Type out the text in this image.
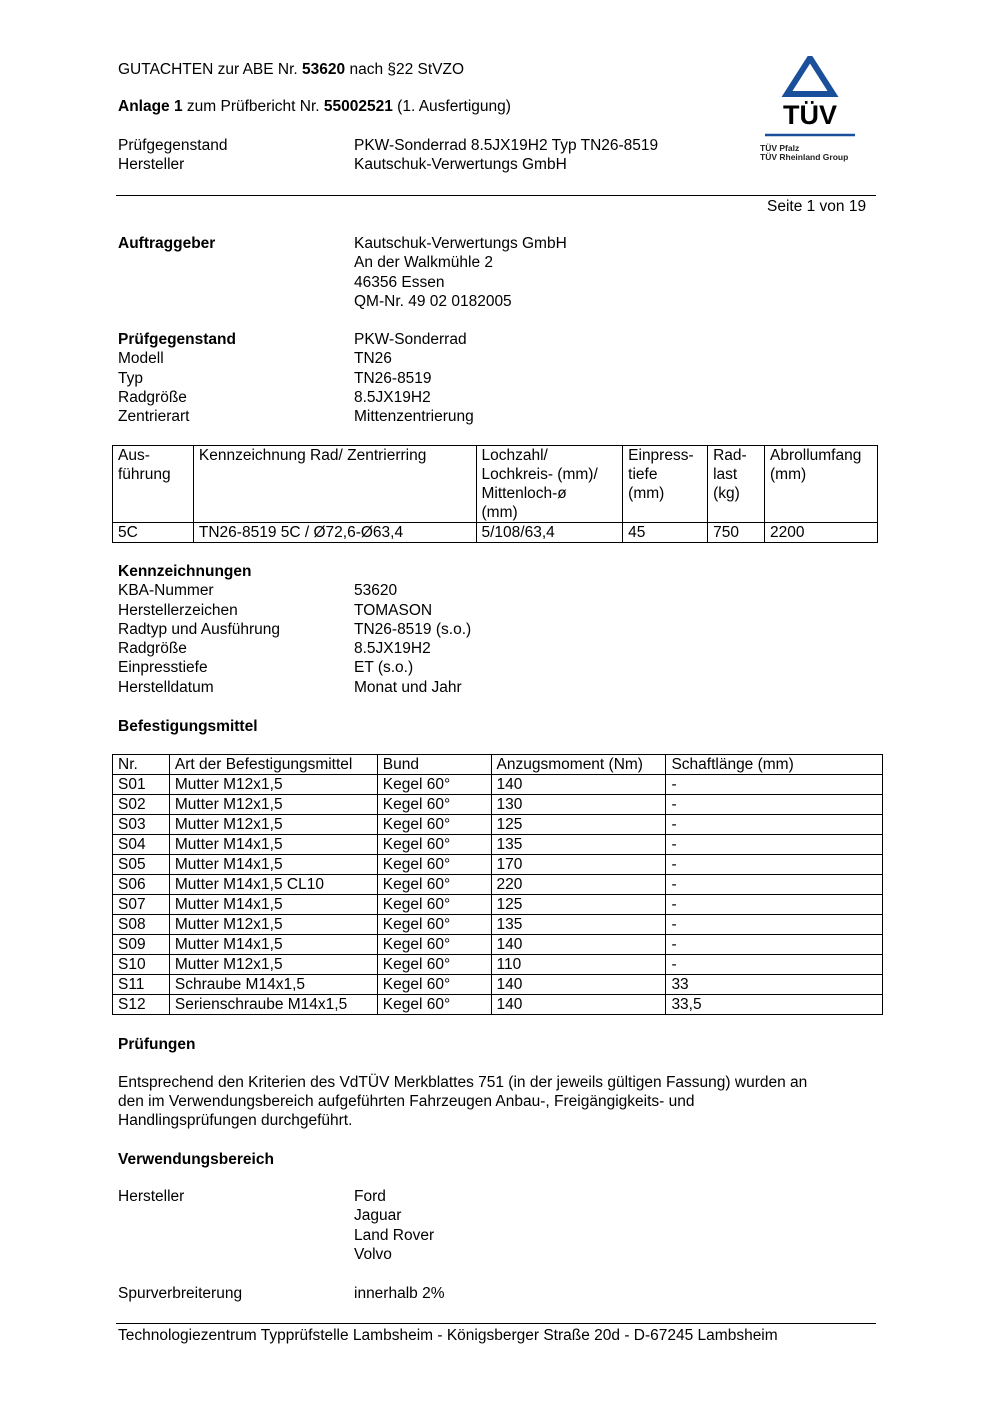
GUTACHTEN zur ABE Nr. 53620 nach §22 StVZO
Anlage 1 zum Prüfbericht Nr. 55002521 (1. Ausfertigung)
Prüfgegenstand	PKW-Sonderrad 8.5JX19H2 Typ TN26-8519
Hersteller	Kautschuk-Verwertungs GmbH
TÜV
TÜV Pfalz
TÜV Rheinland Group
Seite 1 von 19
Auftraggeber	Kautschuk-Verwertungs GmbH
An der Walkmühle 2
46356 Essen
QM-Nr. 49 02 0182005
Prüfgegenstand	PKW-Sonderrad
Modell	TN26
Typ	TN26-8519
Radgröße	8.5JX19H2
Zentrierart	Mittenzentrierung
Aus-
führung	Kennzeichnung Rad/ Zentrierring	Lochzahl/
Lochkreis- (mm)/
Mittenloch-ø
(mm)	Einpress-
tiefe
(mm)	Rad-
last
(kg)	Abrollumfang
(mm)
5C	TN26-8519 5C / Ø72,6-Ø63,4	5/108/63,4	45	750	2200
Kennzeichnungen
KBA-Nummer	53620
Herstellerzeichen	TOMASON
Radtyp und Ausführung	TN26-8519 (s.o.)
Radgröße	8.5JX19H2
Einpresstiefe	ET (s.o.)
Herstelldatum	Monat und Jahr
Befestigungsmittel
Nr.	Art der Befestigungsmittel	Bund	Anzugsmoment (Nm)	Schaftlänge (mm)
S01	Mutter M12x1,5	Kegel 60°	140	-
S02	Mutter M12x1,5	Kegel 60°	130	-
S03	Mutter M12x1,5	Kegel 60°	125	-
S04	Mutter M14x1,5	Kegel 60°	135	-
S05	Mutter M14x1,5	Kegel 60°	170	-
S06	Mutter M14x1,5 CL10	Kegel 60°	220	-
S07	Mutter M14x1,5	Kegel 60°	125	-
S08	Mutter M12x1,5	Kegel 60°	135	-
S09	Mutter M14x1,5	Kegel 60°	140	-
S10	Mutter M12x1,5	Kegel 60°	110	-
S11	Schraube M14x1,5	Kegel 60°	140	33
S12	Serienschraube M14x1,5	Kegel 60°	140	33,5
Prüfungen
Entsprechend den Kriterien des VdTÜV Merkblattes 751 (in der jeweils gültigen Fassung) wurden an
den im Verwendungsbereich aufgeführten Fahrzeugen Anbau-, Freigängigkeits- und
Handlingsprüfungen durchgeführt.
Verwendungsbereich
Hersteller	Ford
Jaguar
Land Rover
Volvo
Spurverbreiterung	innerhalb 2%
Technologiezentrum Typprüfstelle Lambsheim - Königsberger Straße 20d - D-67245 Lambsheim
